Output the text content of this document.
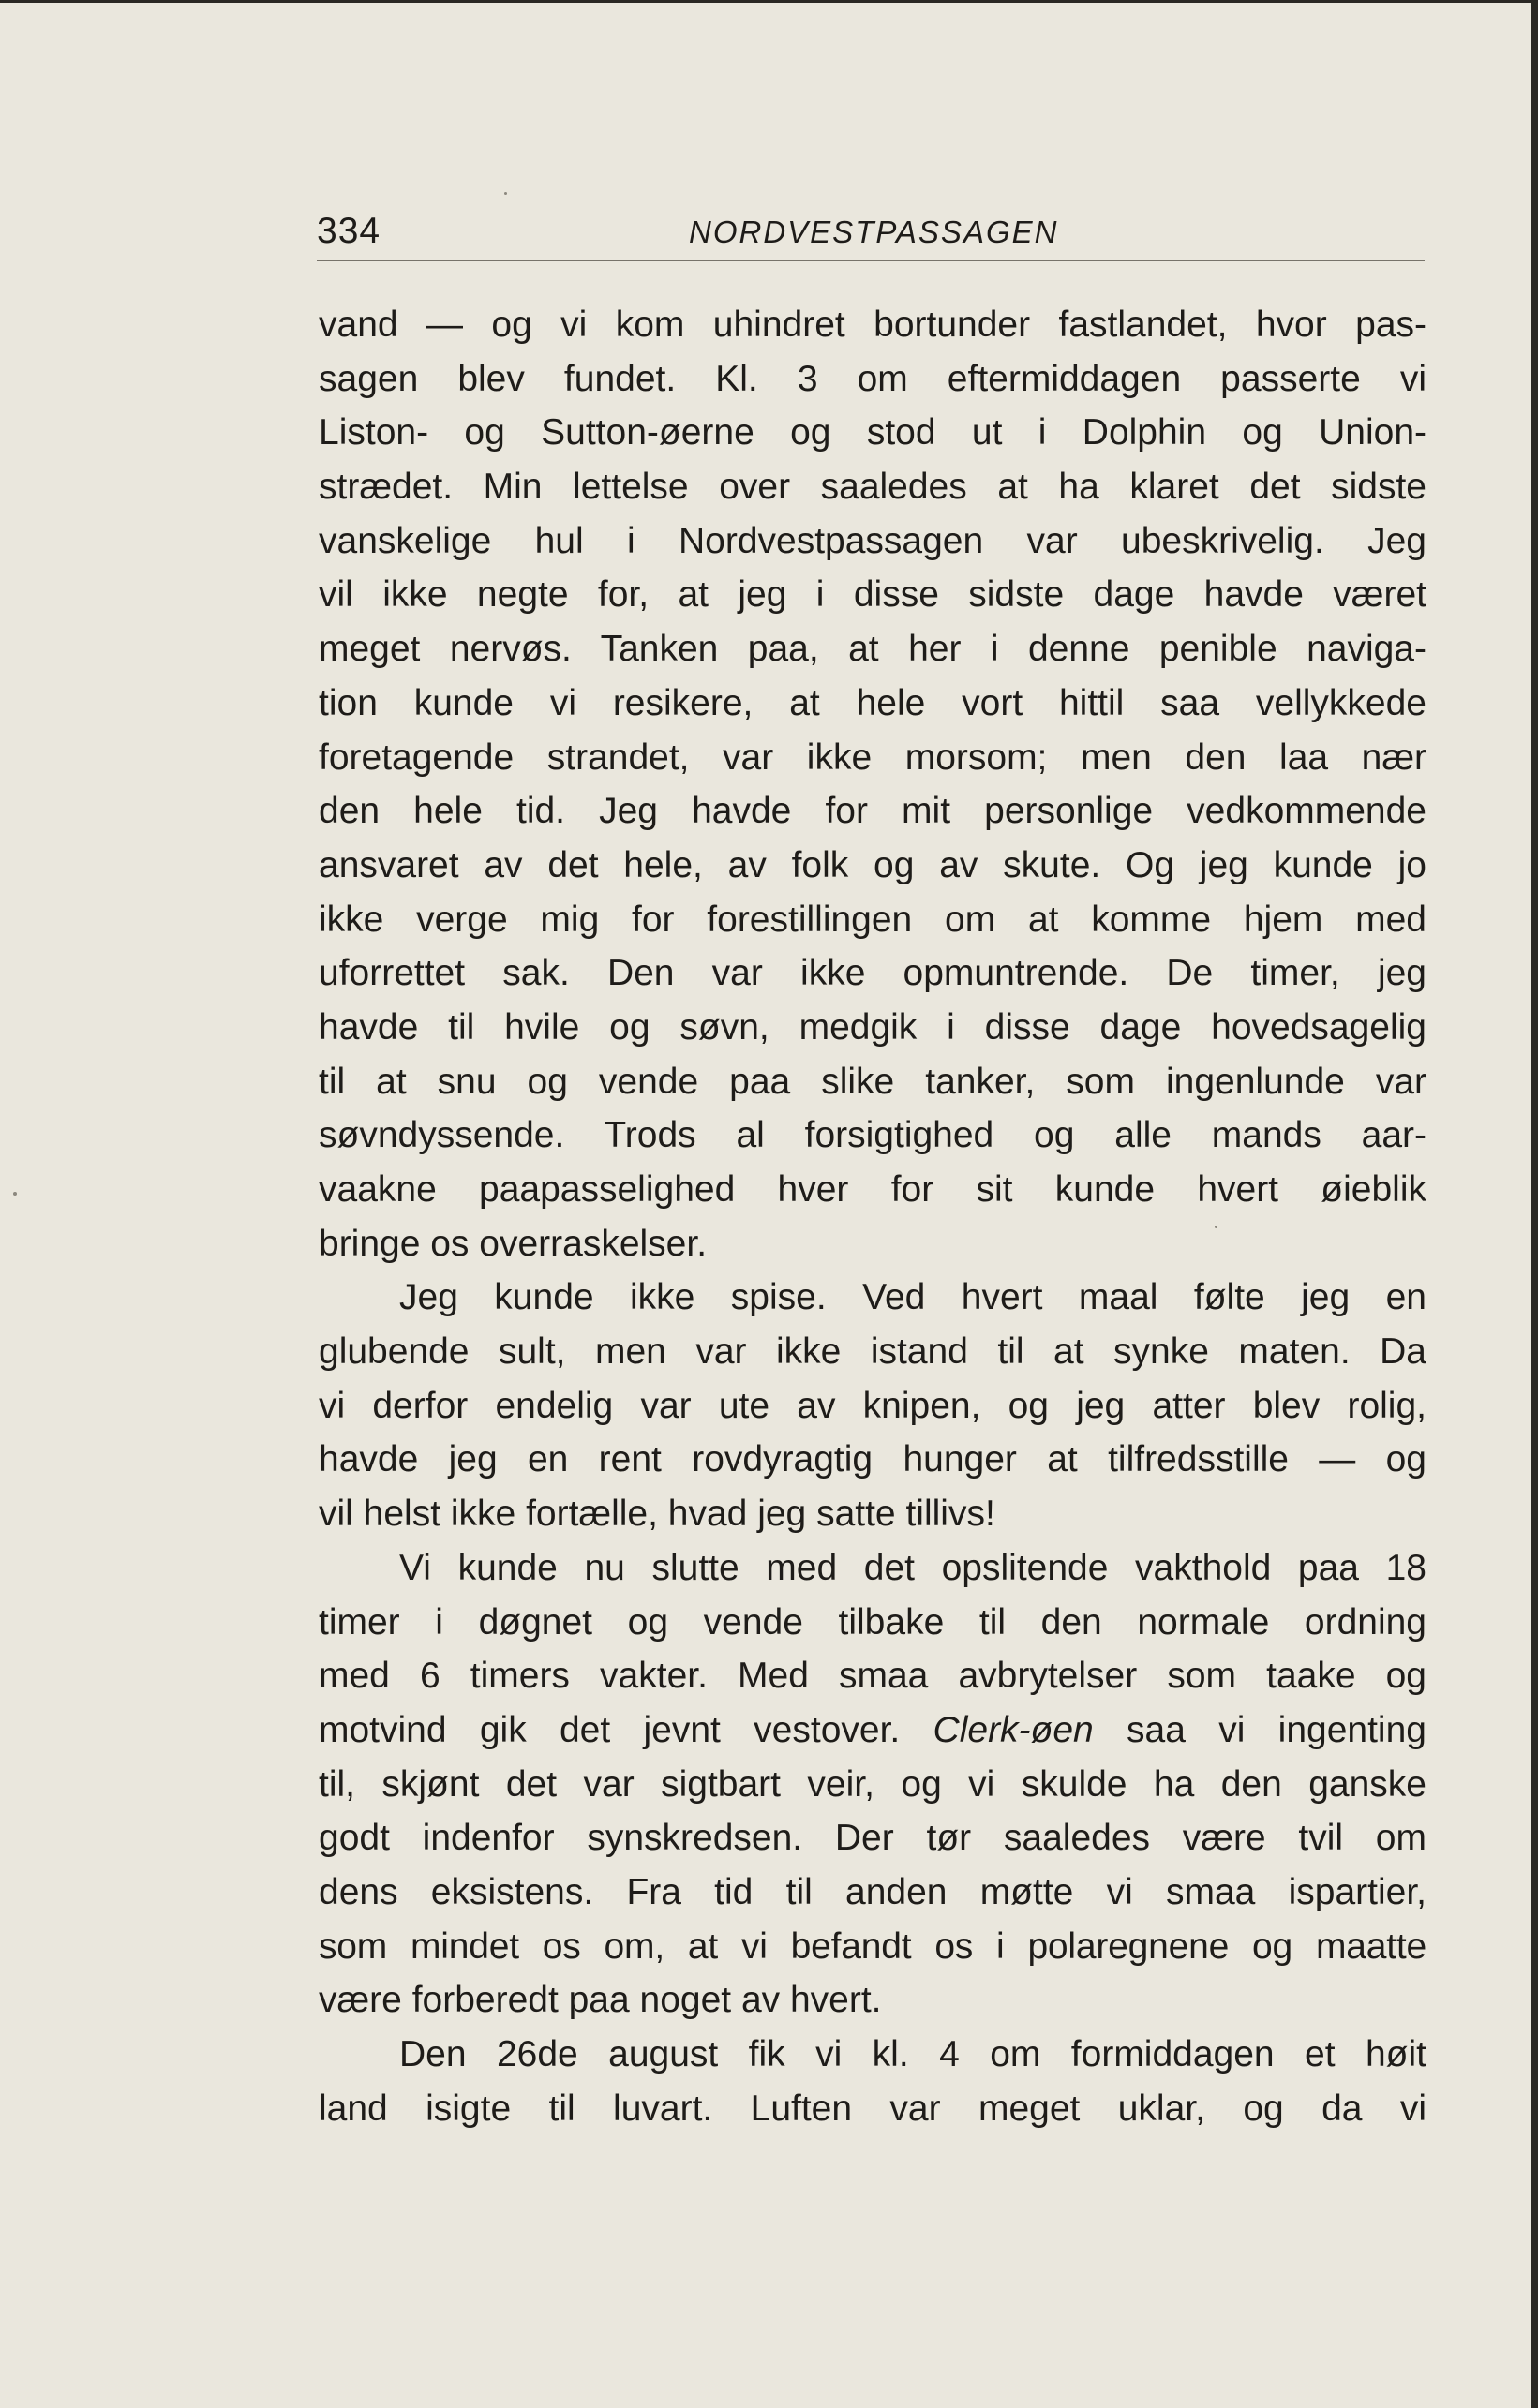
334	NORDVESTPASSAGEN
vand — og vi kom uhindret bortunder fastlandet, hvor pas-
sagen blev fundet. Kl. 3 om eftermiddagen passerte vi
Liston- og Sutton-øerne og stod ut i Dolphin og Union-
strædet. Min lettelse over saaledes at ha klaret det sidste
vanskelige hul i Nordvestpassagen var ubeskrivelig. Jeg
vil ikke negte for, at jeg i disse sidste dage havde været
meget nervøs. Tanken paa, at her i denne penible naviga-
tion kunde vi resikere, at hele vort hittil saa vellykkede
foretagende strandet, var ikke morsom; men den laa nær
den hele tid. Jeg havde for mit personlige vedkommende
ansvaret av det hele, av folk og av skute. Og jeg kunde jo
ikke verge mig for forestillingen om at komme hjem med
uforrettet sak. Den var ikke opmuntrende. De timer, jeg
havde til hvile og søvn, medgik i disse dage hovedsagelig
til at snu og vende paa slike tanker, som ingenlunde var
søvndyssende. Trods al forsigtighed og alle mands aar-
vaakne paapasselighed hver for sit kunde hvert øieblik
bringe os overraskelser.
Jeg kunde ikke spise. Ved hvert maal følte jeg en
glubende sult, men var ikke istand til at synke maten. Da
vi derfor endelig var ute av knipen, og jeg atter blev rolig,
havde jeg en rent rovdyragtig hunger at tilfredsstille — og
vil helst ikke fortælle, hvad jeg satte tillivs!
Vi kunde nu slutte med det opslitende vakthold paa 18
timer i døgnet og vende tilbake til den normale ordning
med 6 timers vakter. Med smaa avbrytelser som taake og
motvind gik det jevnt vestover. Clerk-øen saa vi ingenting
til, skjønt det var sigtbart veir, og vi skulde ha den ganske
godt indenfor synskredsen. Der tør saaledes være tvil om
dens eksistens. Fra tid til anden møtte vi smaa ispartier,
som mindet os om, at vi befandt os i polaregnene og maatte
være forberedt paa noget av hvert.
Den 26de august fik vi kl. 4 om formiddagen et høit
land isigte til luvart. Luften var meget uklar, og da vi
